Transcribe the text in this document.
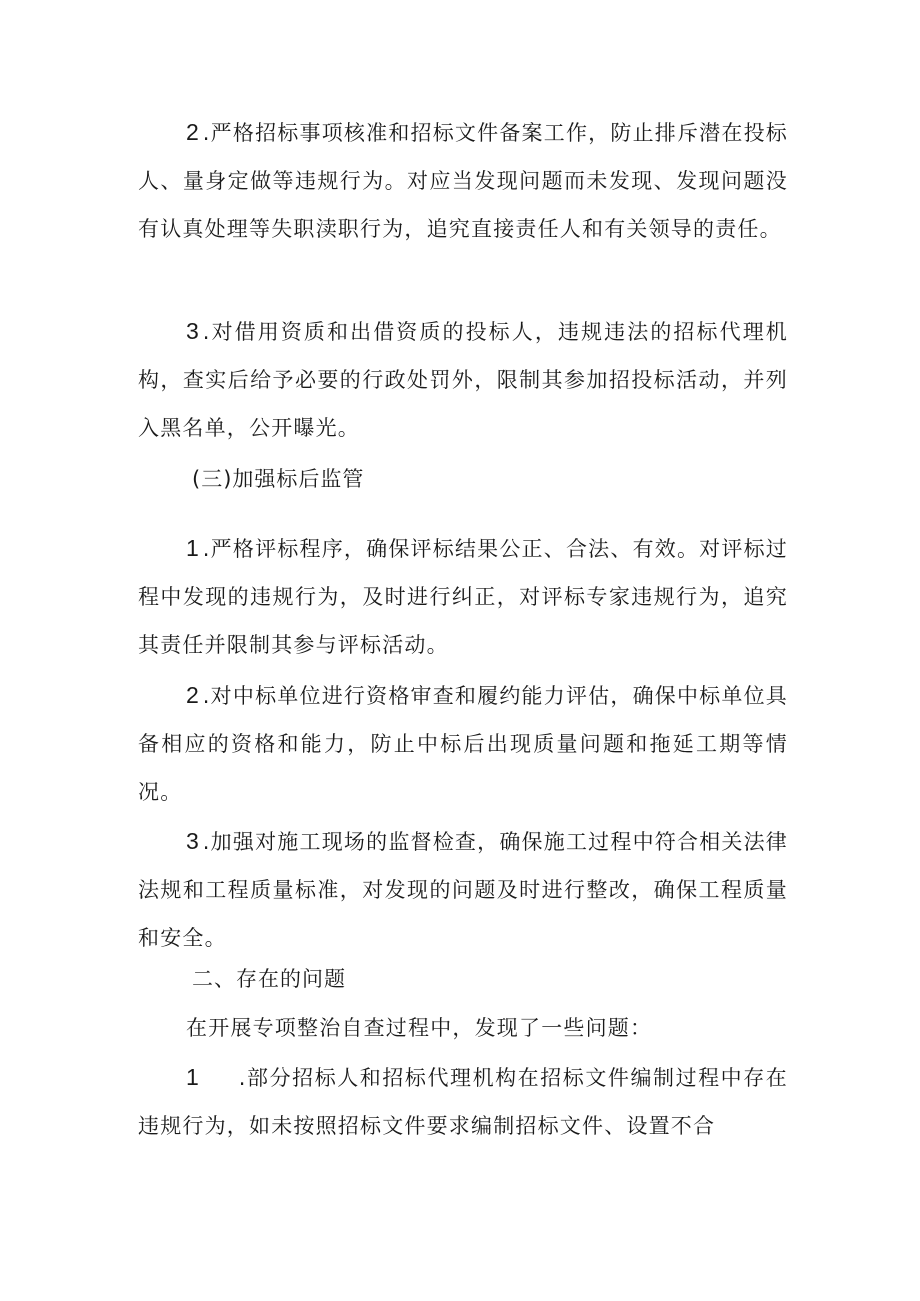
2 .严格招标事项核准和招标文件备案工作，防止排斥潜在投标人、量身定做等违规行为。对应当发现问题而未发现、发现问题没有认真处理等失职渎职行为，追究直接责任人和有关领导的责任。

3 .对借用资质和出借资质的投标人，违规违法的招标代理机构，查实后给予必要的行政处罚外，限制其参加招投标活动，并列入黑名单，公开曝光。

(三)加强标后监管

1 .严格评标程序，确保评标结果公正、合法、有效。对评标过程中发现的违规行为，及时进行纠正，对评标专家违规行为，追究其责任并限制其参与评标活动。

2 .对中标单位进行资格审查和履约能力评估，确保中标单位具备相应的资格和能力，防止中标后出现质量问题和拖延工期等情况。

3 .加强对施工现场的监督检查，确保施工过程中符合相关法律法规和工程质量标准，对发现的问题及时进行整改，确保工程质量和安全。

二、存在的问题

在开展专项整治自查过程中，发现了一些问题：

1 .部分招标人和招标代理机构在招标文件编制过程中存在违规行为，如未按照招标文件要求编制招标文件、设置不合
